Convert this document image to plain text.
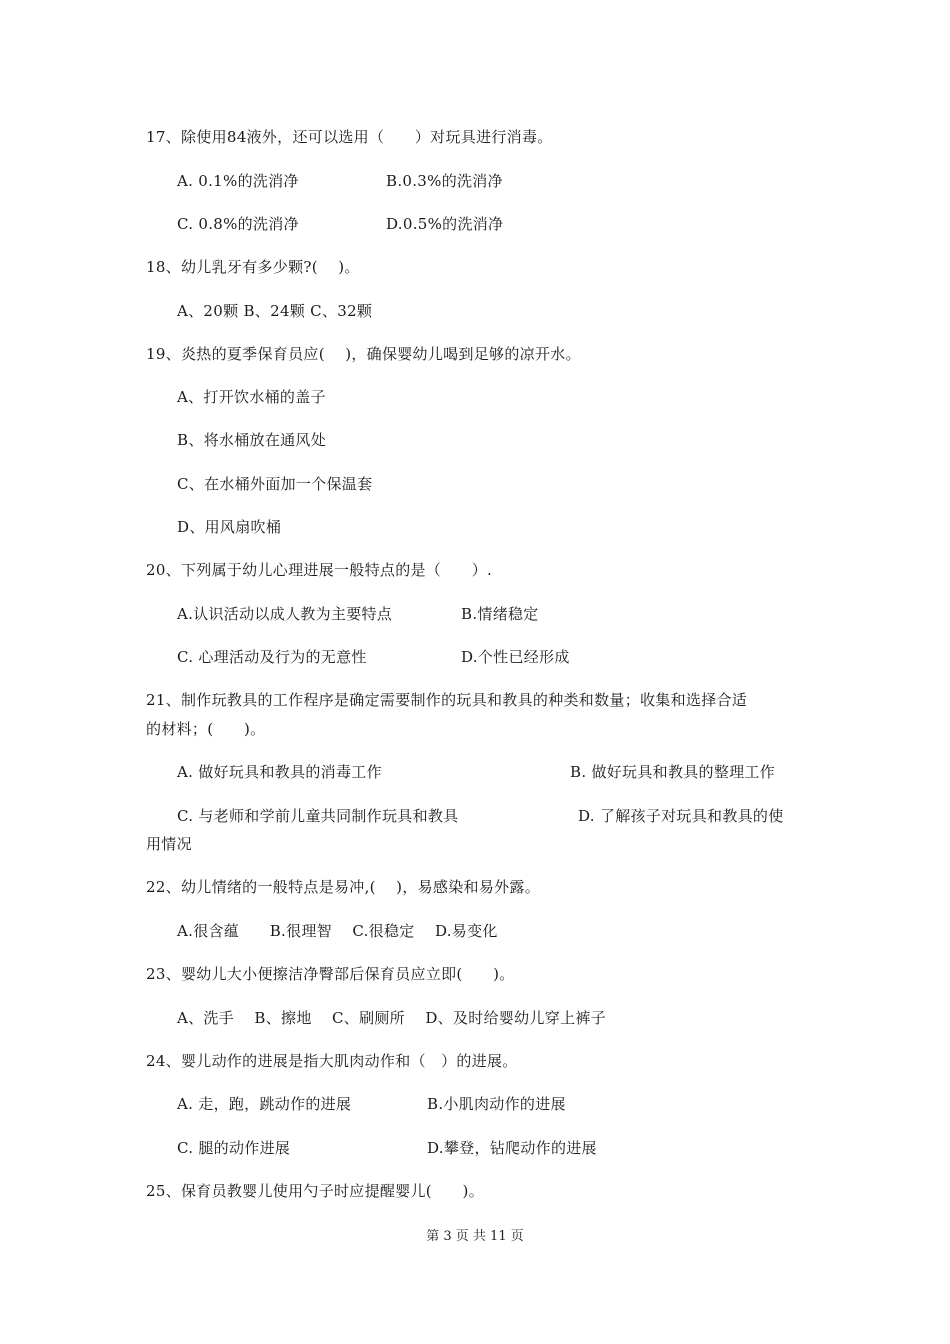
17、除使用84液外，还可以选用（　　）对玩具进行消毒。
A. 0.1%的洗消净	B.0.3%的洗消净
C. 0.8%的洗消净	D.0.5%的洗消净
18、幼儿乳牙有多少颗?(　 )。
A、20颗 B、24颗 C、32颗
19、炎热的夏季保育员应(　 )，确保婴幼儿喝到足够的凉开水。
A、打开饮水桶的盖子
B、将水桶放在通风处
C、在水桶外面加一个保温套
D、用风扇吹桶
20、下列属于幼儿心理进展一般特点的是（　　）.
A.认识活动以成人教为主要特点	B.情绪稳定
C. 心理活动及行为的无意性	D.个性已经形成
21、制作玩教具的工作程序是确定需要制作的玩具和教具的种类和数量；收集和选择合适
的材料；(　　)。
A. 做好玩具和教具的消毒工作	B. 做好玩具和教具的整理工作
C. 与老师和学前儿童共同制作玩具和教具	D. 了解孩子对玩具和教具的使
用情况
22、幼儿情绪的一般特点是易冲,(　 )，易感染和易外露。
A.很含蕴　　B.很理智　 C.很稳定　 D.易变化
23、婴幼儿大小便擦洁净臀部后保育员应立即(　　)。
A、洗手　 B、擦地　 C、刷厕所　 D、及时给婴幼儿穿上裤子
24、婴儿动作的进展是指大肌肉动作和（　）的进展。
A. 走，跑，跳动作的进展	B.小肌肉动作的进展
C. 腿的动作进展	D.攀登，钻爬动作的进展
25、保育员教婴儿使用勺子时应提醒婴儿(　　)。
第 3 页 共 11 页
